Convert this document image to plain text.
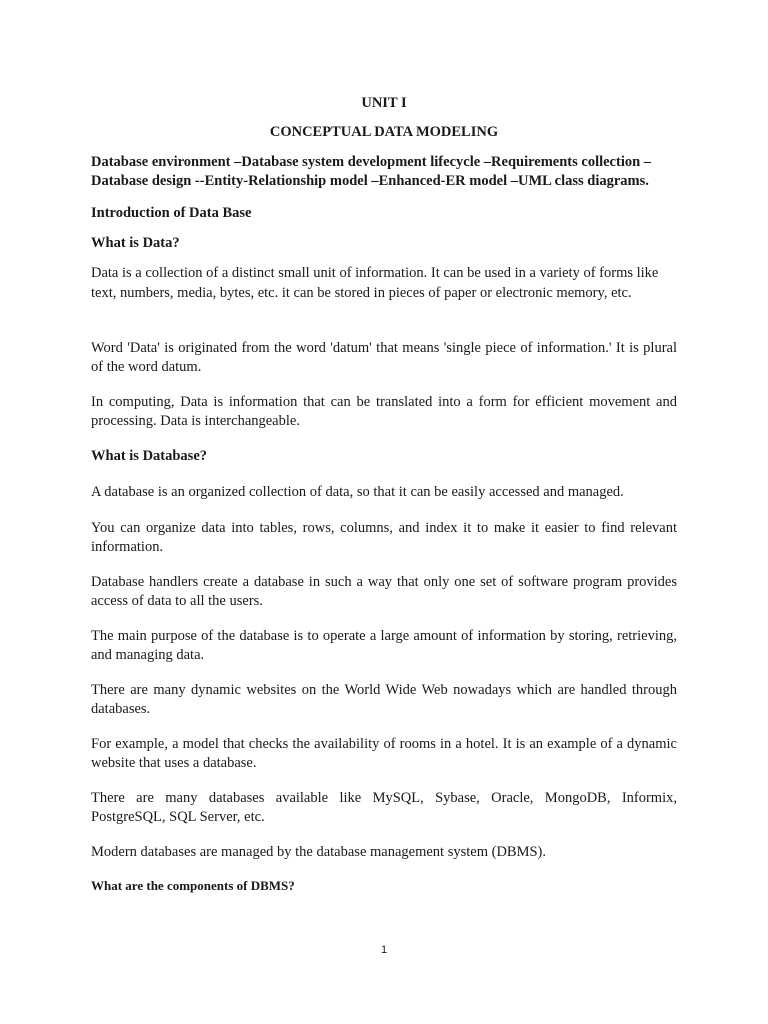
UNIT I

CONCEPTUAL DATA MODELING

Database environment –Database system development lifecycle –Requirements collection –Database design --Entity-Relationship model –Enhanced-ER model –UML class diagrams.

Introduction of Data Base

What is Data?

Data is a collection of a distinct small unit of information. It can be used in a variety of forms like text, numbers, media, bytes, etc. it can be stored in pieces of paper or electronic memory, etc.

Word 'Data' is originated from the word 'datum' that means 'single piece of information.' It is plural of the word datum.

In computing, Data is information that can be translated into a form for efficient movement and processing. Data is interchangeable.

What is Database?

A database is an organized collection of data, so that it can be easily accessed and managed.

You can organize data into tables, rows, columns, and index it to make it easier to find relevant information.

Database handlers create a database in such a way that only one set of software program provides access of data to all the users.

The main purpose of the database is to operate a large amount of information by storing, retrieving, and managing data.

There are many dynamic websites on the World Wide Web nowadays which are handled through databases.

For example, a model that checks the availability of rooms in a hotel. It is an example of a dynamic website that uses a database.

There are many databases available like MySQL, Sybase, Oracle, MongoDB, Informix, PostgreSQL, SQL Server, etc.

Modern databases are managed by the database management system (DBMS).

What are the components of DBMS?

1
